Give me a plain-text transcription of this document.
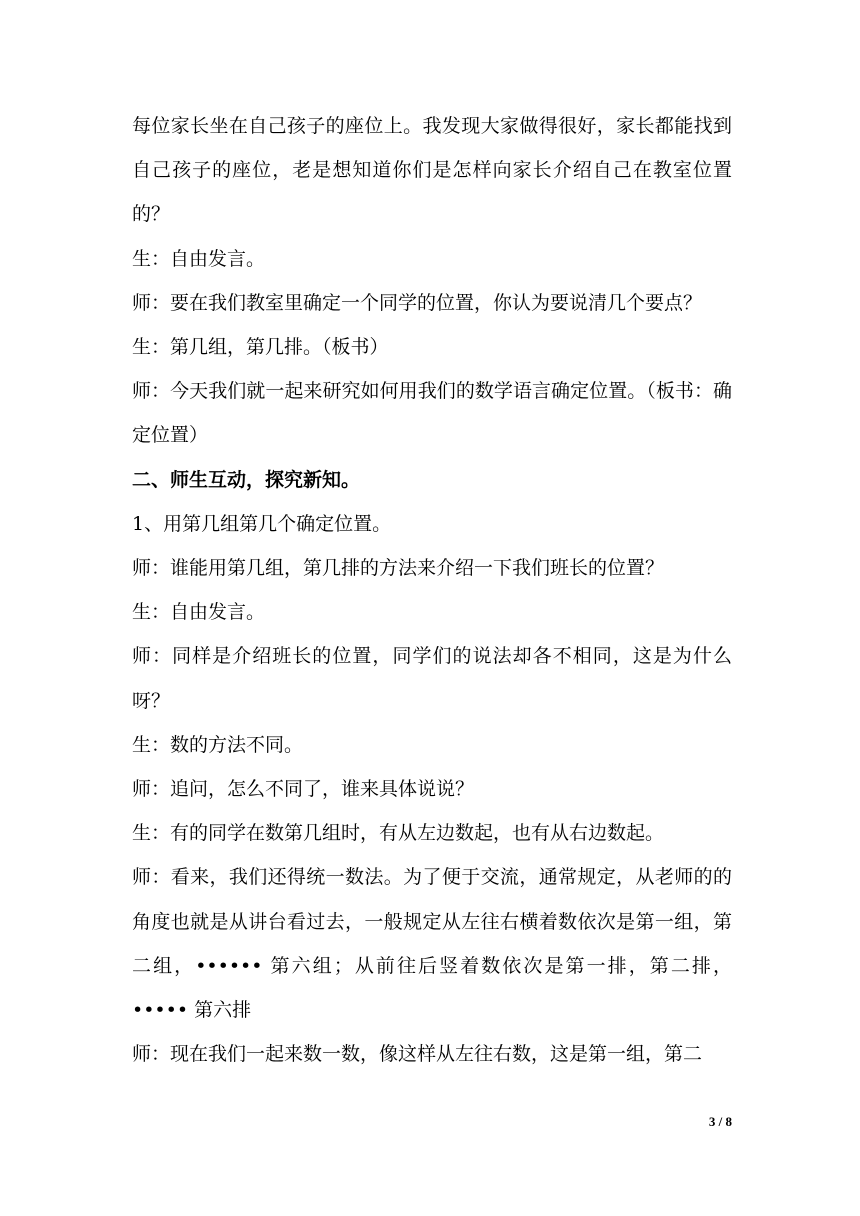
每位家长坐在自己孩子的座位上。我发现大家做得很好，家长都能找到自己孩子的座位，老是想知道你们是怎样向家长介绍自己在教室位置的？

生：自由发言。

师：要在我们教室里确定一个同学的位置，你认为要说清几个要点？

生：第几组，第几排。（板书）

师：今天我们就一起来研究如何用我们的数学语言确定位置。（板书：确定位置）

二、师生互动，探究新知。

1、用第几组第几个确定位置。

师：谁能用第几组，第几排的方法来介绍一下我们班长的位置？

生：自由发言。

师：同样是介绍班长的位置，同学们的说法却各不相同，这是为什么呀？

生：数的方法不同。

师：追问，怎么不同了，谁来具体说说？

生：有的同学在数第几组时，有从左边数起，也有从右边数起。

师：看来，我们还得统一数法。为了便于交流，通常规定，从老师的的角度也就是从讲台看过去，一般规定从左往右横着数依次是第一组，第二组，•••••• 第六组；从前往后竖着数依次是第一排，第二排，••••• 第六排

师：现在我们一起来数一数，像这样从左往右数，这是第一组，第二

3 / 8
